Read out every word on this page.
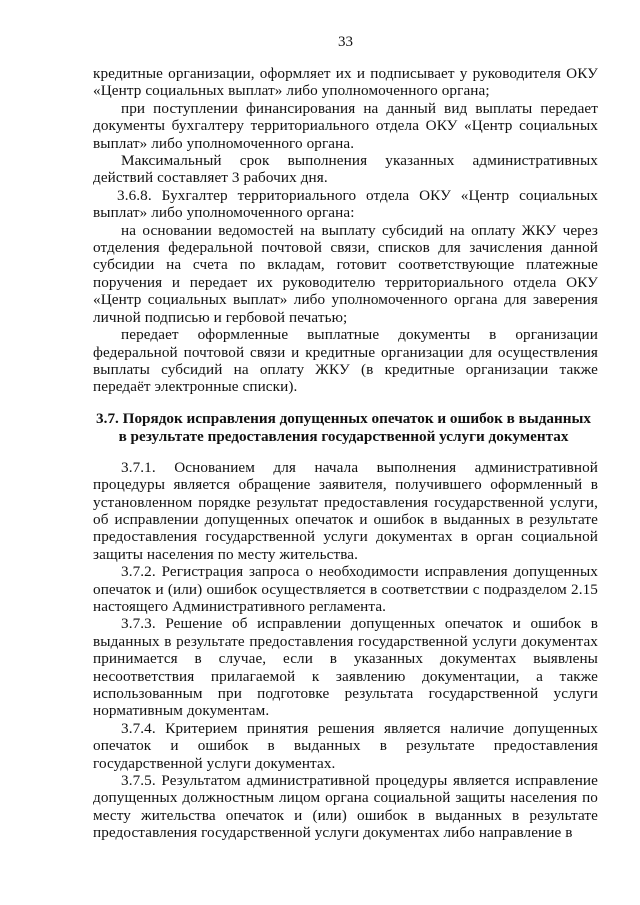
33

кредитные организации, оформляет их и подписывает у руководителя ОКУ «Центр социальных выплат» либо уполномоченного органа;

при поступлении финансирования на данный вид выплаты передает документы бухгалтеру территориального отдела ОКУ «Центр социальных выплат» либо уполномоченного органа.

Максимальный срок выполнения указанных административных действий составляет 3 рабочих дня.

3.6.8. Бухгалтер территориального отдела ОКУ «Центр социальных выплат» либо уполномоченного органа:

на основании ведомостей на выплату субсидий на оплату ЖКУ через отделения федеральной почтовой связи, списков для зачисления данной субсидии на счета по вкладам, готовит соответствующие платежные поручения и передает их руководителю территориального отдела ОКУ «Центр социальных выплат» либо уполномоченного органа для заверения личной подписью и гербовой печатью;

передает оформленные выплатные документы в организации федеральной почтовой связи и кредитные организации для осуществления выплаты субсидий на оплату ЖКУ (в кредитные организации также передаёт электронные списки).

3.7. Порядок исправления допущенных опечаток и ошибок в выданных в результате предоставления государственной услуги документах

3.7.1. Основанием для начала выполнения административной процедуры является обращение заявителя, получившего оформленный в установленном порядке результат предоставления государственной услуги, об исправлении допущенных опечаток и ошибок в выданных в результате предоставления государственной услуги документах в орган социальной защиты населения по месту жительства.

3.7.2. Регистрация запроса о необходимости исправления допущенных опечаток и (или) ошибок осуществляется в соответствии с подразделом 2.15 настоящего Административного регламента.

3.7.3. Решение об исправлении допущенных опечаток и ошибок в выданных в результате предоставления государственной услуги документах принимается в случае, если в указанных документах выявлены несоответствия прилагаемой к заявлению документации, а также использованным при подготовке результата государственной услуги нормативным документам.

3.7.4. Критерием принятия решения является наличие допущенных опечаток и ошибок в выданных в результате предоставления государственной услуги документах.

3.7.5. Результатом административной процедуры является исправление допущенных должностным лицом органа социальной защиты населения по месту жительства опечаток и (или) ошибок в выданных в результате предоставления государственной услуги документах либо направление в
